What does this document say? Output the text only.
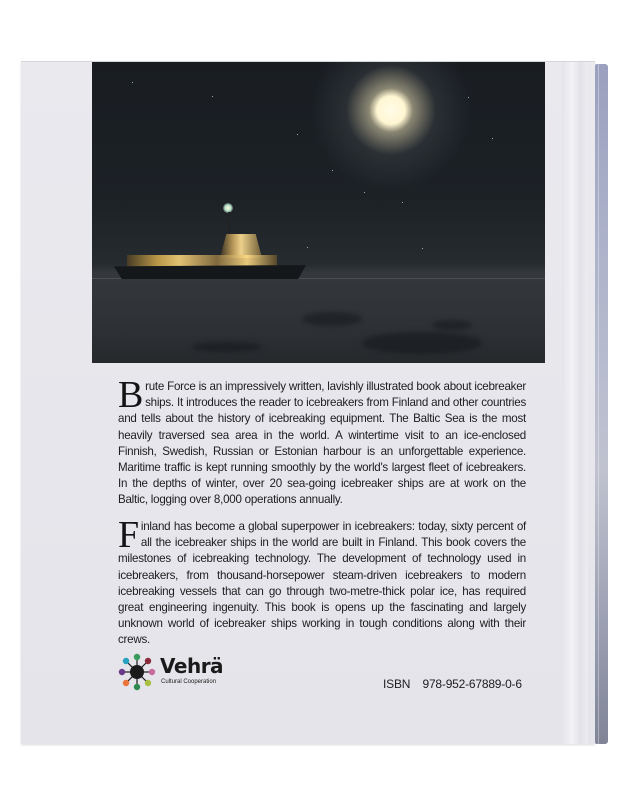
Brute Force is an impressively written, lavishly illustrated book about icebreaker ships. It introduces the reader to icebreakers from Finland and other countries and tells about the history of icebreaking equipment. The Baltic Sea is the most heavily traversed sea area in the world. A wintertime visit to an ice-enclosed Finnish, Swedish, Russian or Estonian harbour is an unforgettable experience. Maritime traffic is kept running smoothly by the world's largest fleet of icebreakers. In the depths of winter, over 20 sea-going icebreaker ships are at work on the Baltic, logging over 8,000 operations annually.
Finland has become a global superpower in icebreakers: today, sixty percent of all the icebreaker ships in the world are built in Finland. This book covers the milestones of icebreaking technology. The development of technology used in icebreakers, from thousand-horsepower steam-driven icebreakers to modern icebreaking vessels that can go through two-metre-thick polar ice, has required great engineering ingenuity. This book is opens up the fascinating and largely unknown world of icebreaker ships working in tough conditions along with their crews.
Vehrä
Cultural Cooperation	ISBN  978-952-67889-0-6
